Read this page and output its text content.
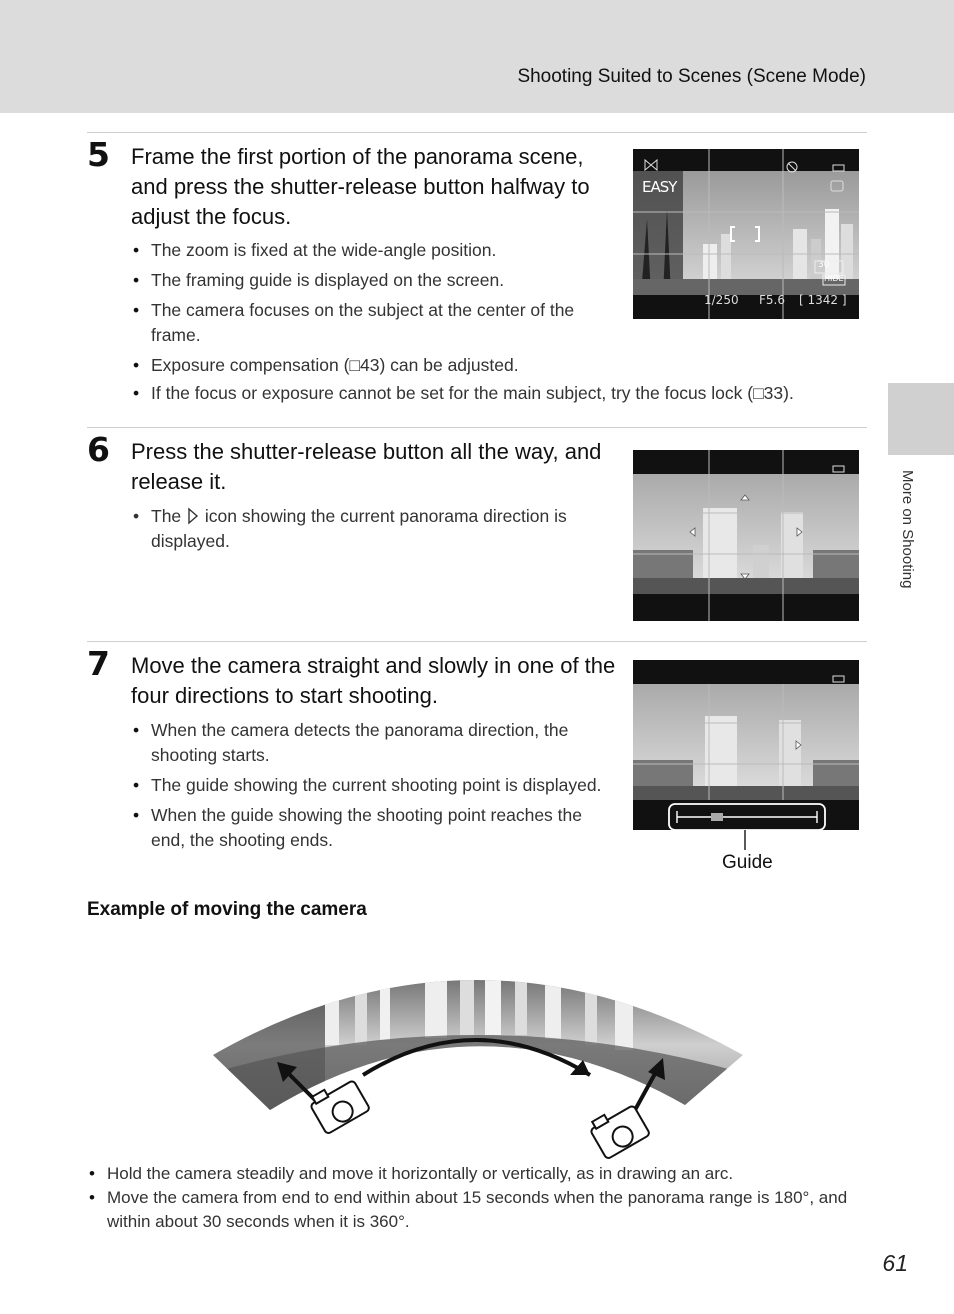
Shooting Suited to Scenes (Scene Mode)
More on Shooting
5 Frame the first portion of the panorama scene, and press the shutter-release button halfway to adjust the focus.
• The zoom is fixed at the wide-angle position.
• The framing guide is displayed on the screen.
• The camera focuses on the subject at the center of the frame.
• Exposure compensation (□43) can be adjusted.
• If the focus or exposure cannot be set for the main subject, try the focus lock (□33).
EASY
30
HIDE
1/250 F5.6 [ 1342 ]
6 Press the shutter-release button all the way, and release it.
• The icon showing the current panorama direction is displayed.
7 Move the camera straight and slowly in one of the four directions to start shooting.
• When the camera detects the panorama direction, the shooting starts.
• The guide showing the current shooting point is displayed.
• When the guide showing the shooting point reaches the end, the shooting ends.
Guide
Example of moving the camera
• Hold the camera steadily and move it horizontally or vertically, as in drawing an arc.
• Move the camera from end to end within about 15 seconds when the panorama range is 180°, and within about 30 seconds when it is 360°.
61
